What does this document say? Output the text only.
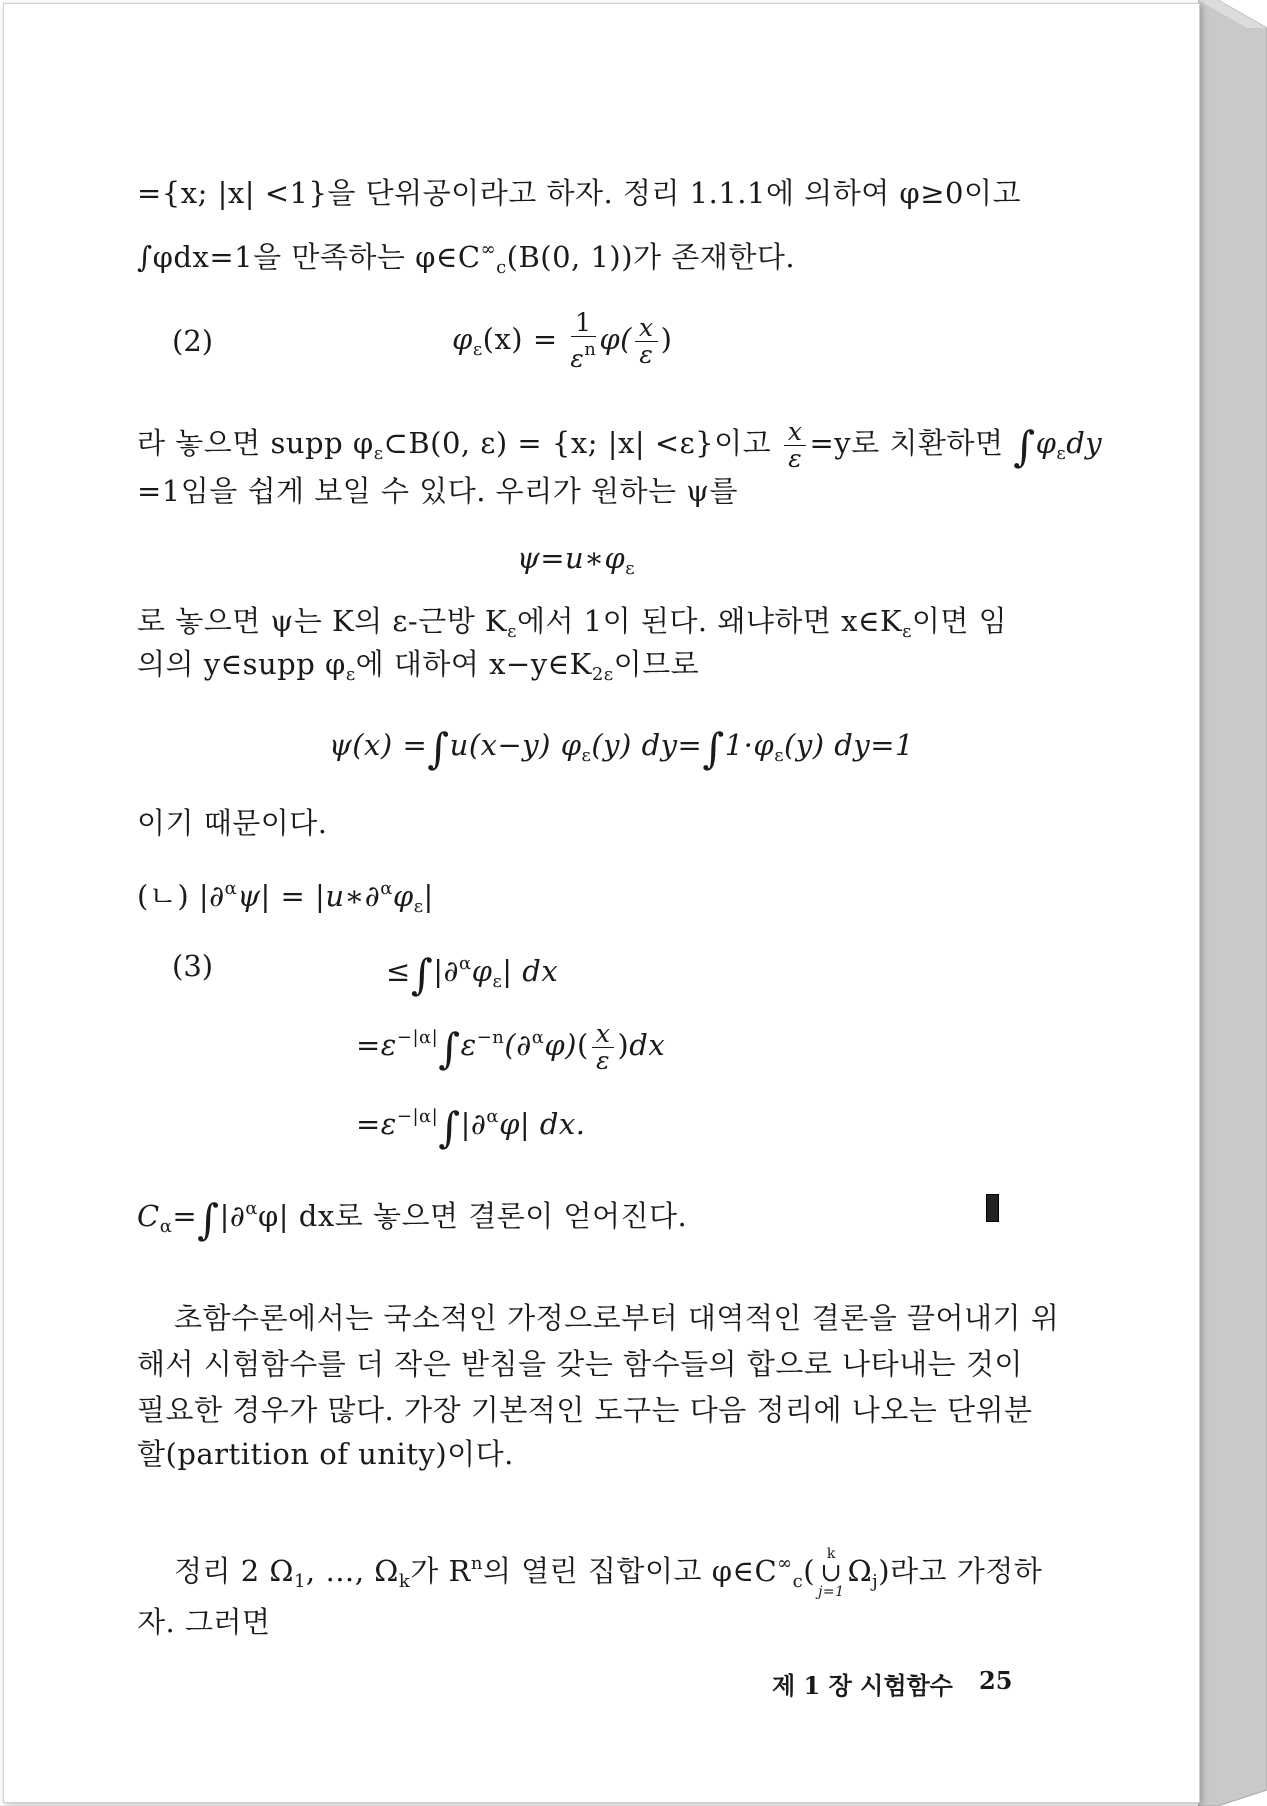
={x; |x| <1}을 단위공이라고 하자. 정리 1.1.1에 의하여 φ≥0이고
∫φdx=1을 만족하는 $\varphi\in C^\infty_c(B(0$, 1))가 존재한다.
(2)	$\varphi_\varepsilon(x) = \frac{1}{\varepsilon^n} \varphi( \frac{x}{\varepsilon}$ )
라 놓으면 supp $\varphi_\varepsilon\subset B(0$, ε) = {x; |x| <ε}이고 $\frac{x}{\varepsilon} =y$로 치환하면 $\int\varphi_\varepsilon dy$
=1임을 쉽게 보일 수 있다. 우리가 원하는 ψ를
$\psi=u∗\varphi_\varepsilon$
로 놓으면 ψ는 K의 ε-근방 $K_\varepsilon$에서 1이 된다. 왜냐하면 $x\in K_\varepsilon$이면 임
의의 y∈supp $\varphi_\varepsilon$에 대하여 $x-y\in K_{2\varepsilon}$이므로
ψ(x) =∫u(x−y) $\varphi_\varepsilon(y)$ $dy=\int 1\cdot\varphi_\varepsilon(y)$ dy=1
이기 때문이다.
(ㄴ) $|\partial^\alpha\psi| = |u∗\partial^\alpha\varphi_\varepsilon|$
(3)	$\le\int|\partial^\alpha\varphi_\varepsilon|$ dx
$=\varepsilon^{-|\alpha|}\int\varepsilon^{-n}(\partial^\alpha\varphi)( \frac{x}{\varepsilon} )dx$
$=\varepsilon^{-|\alpha|}\int|\partial^\alpha\varphi|$ dx.
$C_\alpha=\int|\partial^\alpha\varphi|$ dx로 놓으면 결론이 얻어진다.
초함수론에서는 국소적인 가정으로부터 대역적인 결론을 끌어내기 위
해서 시험함수를 더 작은 받침을 갖는 함수들의 합으로 나타내는 것이
필요한 경우가 많다. 가장 기본적인 도구는 다음 정리에 나오는 단위분
할(partition of unity)이다.
정리 2 $\Omega_1$, …, $\Omega_k$가 $R^n$의 열린 집합이고 $\varphi\in C^\infty_c$( k
∪
j=1
$\Omega_j$)라고 가정하
자. 그러면
제 1 장 시험함수 25
